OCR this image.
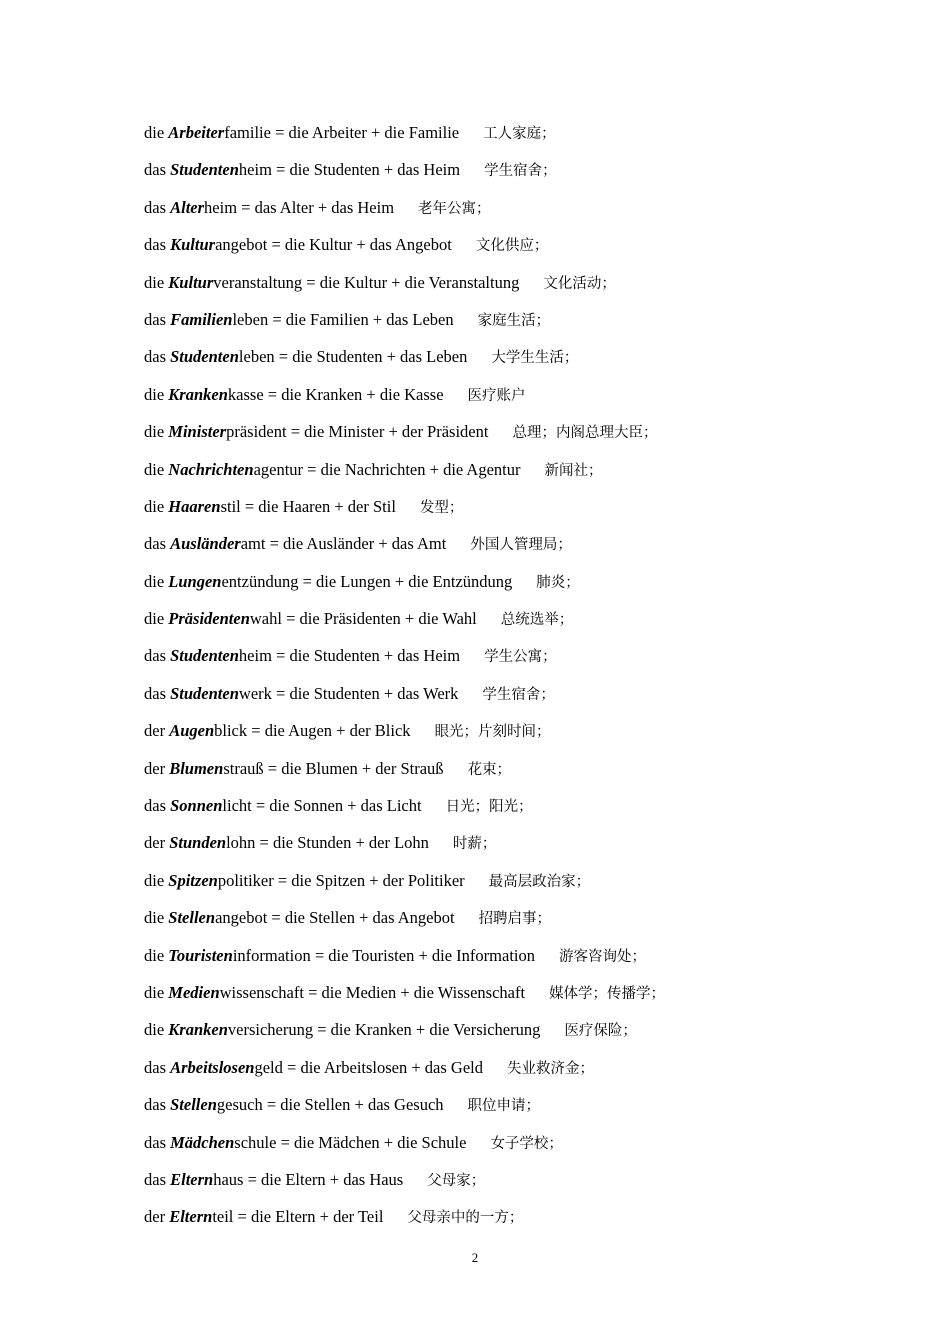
die Arbeiterfamilie = die Arbeiter + die Familie 工人家庭；
das Studentenheim = die Studenten + das Heim 学生宿舍；
das Alterheim = das Alter + das Heim 老年公寓；
das Kulturangebot = die Kultur + das Angebot 文化供应；
die Kulturveranstaltung = die Kultur + die Veranstaltung 文化活动；
das Familienleben = die Familien + das Leben 家庭生活；
das Studentenleben = die Studenten + das Leben 大学生生活；
die Krankenkasse = die Kranken + die Kasse 医疗账户
die Ministerpräsident = die Minister + der Präsident 总理；内阁总理大臣；
die Nachrichtenagentur = die Nachrichten + die Agentur 新闻社；
die Haarenstil = die Haaren + der Stil 发型；
das Ausländeramt = die Ausländer + das Amt 外国人管理局；
die Lungenentzündung = die Lungen + die Entzündung 肺炎；
die Präsidentenwahl = die Präsidenten + die Wahl 总统选举；
das Studentenheim = die Studenten + das Heim 学生公寓；
das Studentenwerk = die Studenten + das Werk 学生宿舍；
der Augenblick = die Augen + der Blick 眼光；片刻时间；
der Blumenstrauß = die Blumen + der Strauß 花束；
das Sonnenlicht = die Sonnen + das Licht 日光；阳光；
der Stundenlohn = die Stunden + der Lohn 时薪；
die Spitzenpolitiker = die Spitzen + der Politiker 最高层政治家；
die Stellenangebot = die Stellen + das Angebot 招聘启事；
die Touristeninformation = die Touristen + die Information 游客咨询处；
die Medienwissenschaft = die Medien + die Wissenschaft 媒体学；传播学；
die Krankenversicherung = die Kranken + die Versicherung 医疗保险；
das Arbeitslosengeld = die Arbeitslosen + das Geld 失业救济金；
das Stellengesuch = die Stellen + das Gesuch 职位申请；
das Mädchenschule = die Mädchen + die Schule 女子学校；
das Elternhaus = die Eltern + das Haus 父母家；
der Elternteil = die Eltern + der Teil 父母亲中的一方；
2
